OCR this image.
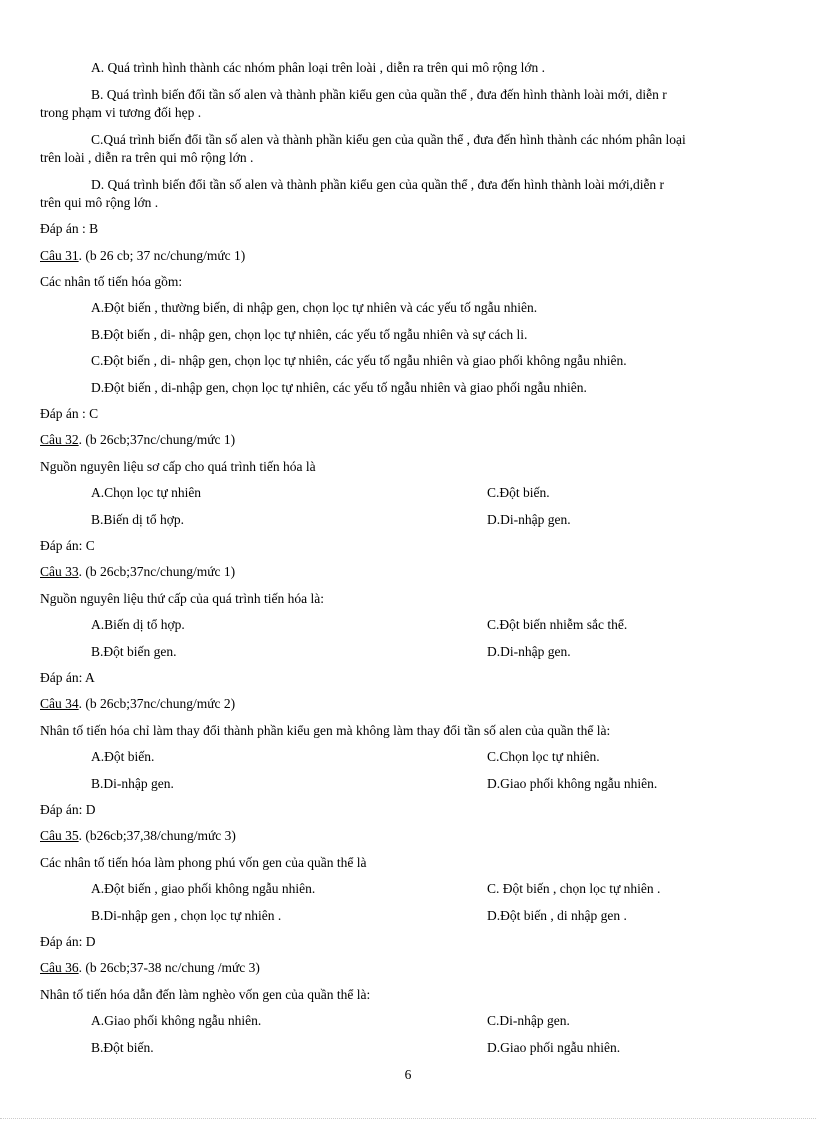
A. Quá trình hình thành các nhóm phân loại trên loài , diễn ra trên qui mô rộng lớn .
B. Quá trình biến đổi tần số alen và thành phần kiểu gen của quần thể , đưa đến hình thành loài mới, diễn r
trong phạm vi tương đối hẹp .
C.Quá trình biến đổi tần số alen và thành phần kiểu gen của quần thể , đưa đến hình thành các nhóm phân loại
trên loài , diễn ra trên qui mô rộng lớn .
D. Quá trình biến đổi tần số alen và thành phần kiểu gen của quần thể , đưa đến hình thành loài mới,diễn r
trên qui mô rộng lớn .
Đáp án : B
Câu 31. (b 26 cb; 37 nc/chung/mức 1)
Các nhân tố tiến hóa gồm:
A.Đột biến , thường biến, di nhập gen, chọn lọc tự nhiên và các yếu tố ngẫu nhiên.
B.Đột biến , di- nhập gen, chọn lọc tự nhiên, các yếu tố ngẫu nhiên và sự cách li.
C.Đột biến , di- nhập gen, chọn lọc tự nhiên, các yếu tố ngẫu nhiên và giao phối không ngẫu nhiên.
D.Đột biến , di-nhập gen, chọn lọc tự nhiên, các yếu tố ngẫu nhiên và giao phối ngẫu nhiên.
Đáp án : C
Câu 32. (b 26cb;37nc/chung/mức 1)
Nguồn nguyên liệu sơ cấp cho quá trình tiến hóa là
A.Chọn lọc tự nhiên	C.Đột biến.
B.Biến dị tổ hợp.	D.Di-nhập gen.
Đáp án: C
Câu 33. (b 26cb;37nc/chung/mức 1)
Nguồn nguyên liệu thứ cấp của quá trình tiến hóa là:
A.Biến dị tổ hợp.	C.Đột biến nhiễm sắc thể.
B.Đột biến gen.	D.Di-nhập gen.
Đáp án: A
Câu 34. (b 26cb;37nc/chung/mức 2)
Nhân tố tiến hóa chỉ làm thay đổi thành phần kiểu gen mà không làm thay đổi tần số alen của quần thể là:
A.Đột biến.	C.Chọn lọc tự nhiên.
B.Di-nhập gen.	D.Giao phối không ngẫu nhiên.
Đáp án: D
Câu 35. (b26cb;37,38/chung/mức 3)
Các nhân tố tiến hóa làm phong phú vốn gen của quần thể là
A.Đột biến , giao phối không ngẫu nhiên.	C. Đột biến , chọn lọc tự nhiên .
B.Di-nhập gen , chọn lọc tự nhiên .	D.Đột biến , di nhập gen .
Đáp án: D
Câu 36. (b 26cb;37-38 nc/chung /mức 3)
Nhân tố tiến hóa dẫn đến làm nghèo vốn gen của quần thể là:
A.Giao phối không ngẫu nhiên.	C.Di-nhập gen.
B.Đột biến.	D.Giao phối ngẫu nhiên.
6
